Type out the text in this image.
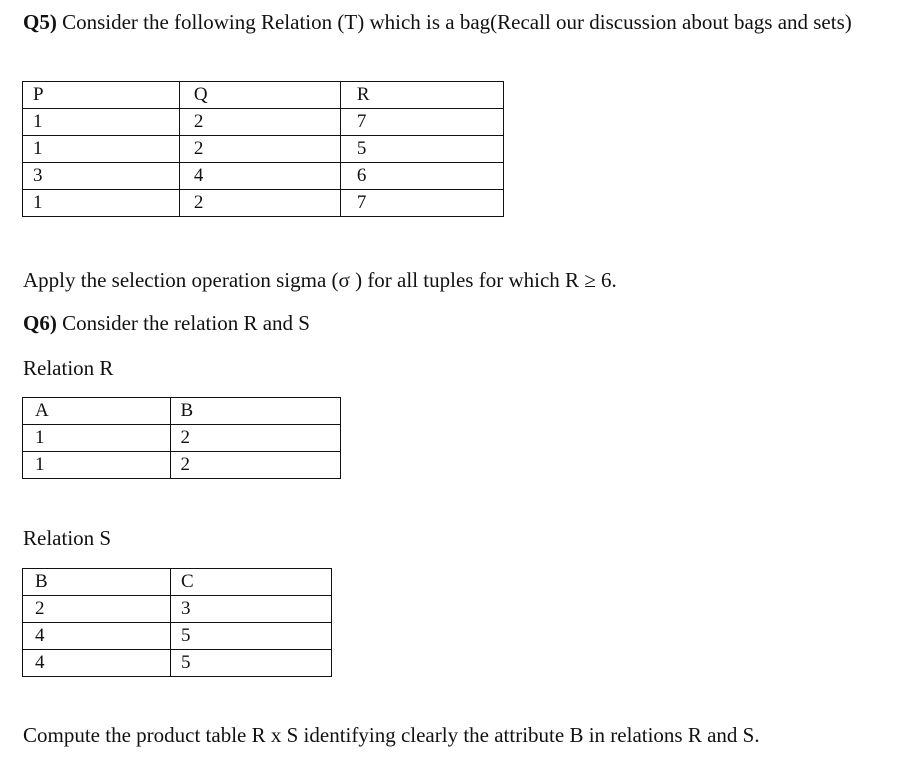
Q5) Consider the following Relation (T) which is a bag(Recall our discussion about bags and sets)
P	Q	R
1	2	7
1	2	5
3	4	6
1	2	7
Apply the selection operation sigma (σ ) for all tuples for which R ≥ 6.
Q6) Consider the relation R and S
Relation R
A	B
1	2
1	2
Relation S
B	C
2	3
4	5
4	5
Compute the product table R x S identifying clearly the attribute B in relations R and S.
